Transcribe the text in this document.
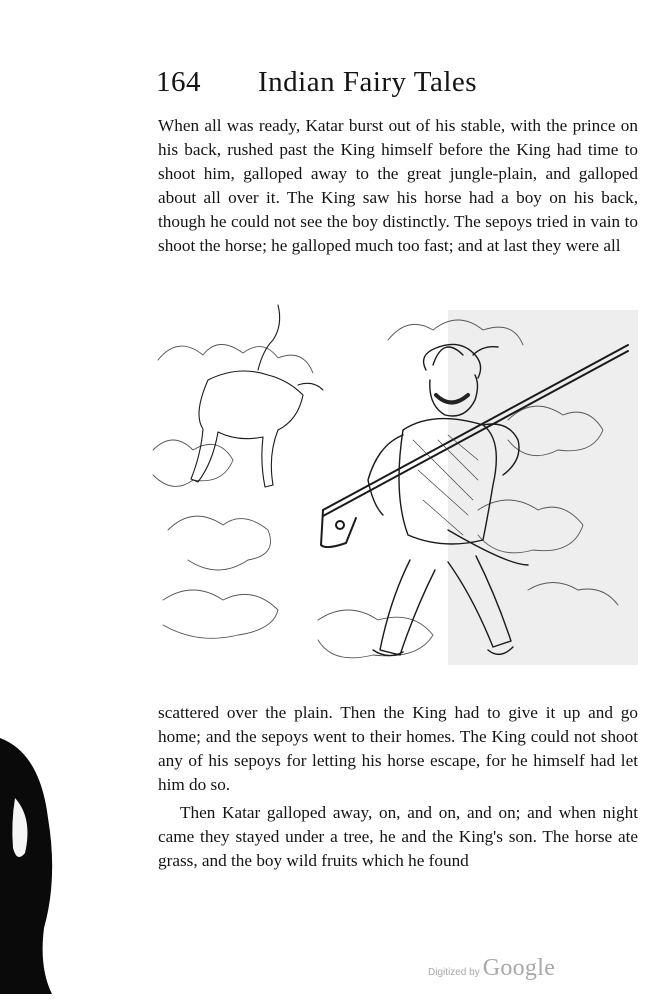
164	Indian Fairy Tales

When all was ready, Katar burst out of his stable, with the prince on his back, rushed past the King himself before the King had time to shoot him, galloped away to the great jungle-plain, and galloped about all over it. The King saw his horse had a boy on his back, though he could not see the boy distinctly. The sepoys tried in vain to shoot the horse; he galloped much too fast; and at last they were all

scattered over the plain. Then the King had to give it up and go home; and the sepoys went to their homes. The King could not shoot any of his sepoys for letting his horse escape, for he himself had let him do so.

Then Katar galloped away, on, and on, and on; and when night came they stayed under a tree, he and the King's son. The horse ate grass, and the boy wild fruits which he found

Digitized by Google
